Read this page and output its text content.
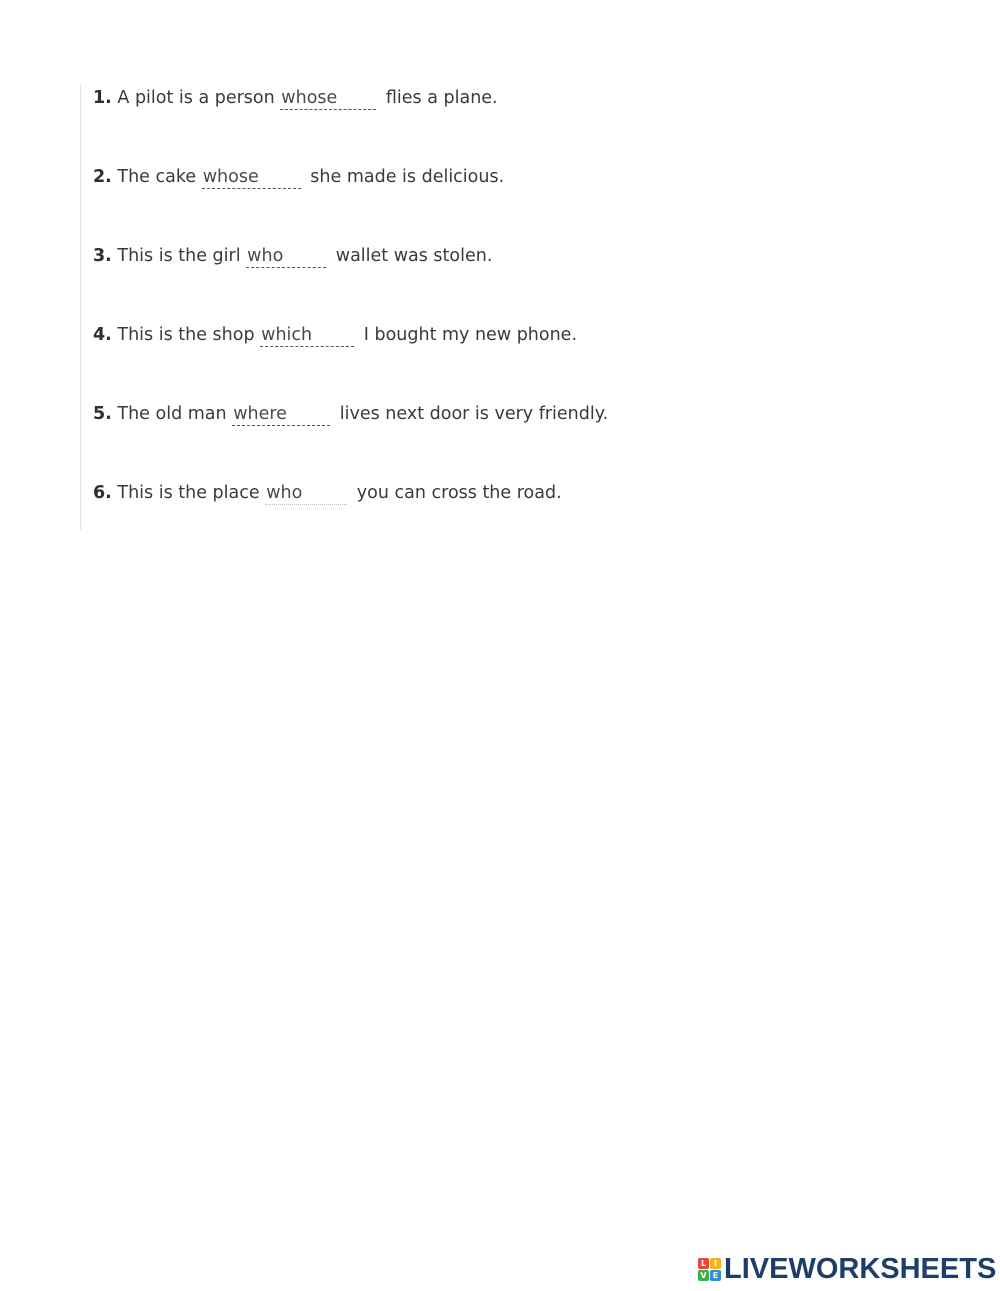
1. A pilot is a person whose	flies a plane.
2. The cake whose	she made is delicious.
3. This is the girl who	wallet was stolen.
4. This is the shop which	I bought my new phone.
5. The old man where	lives next door is very friendly.
6. This is the place who	you can cross the road.
L I
V E LIVEWORKSHEETS
